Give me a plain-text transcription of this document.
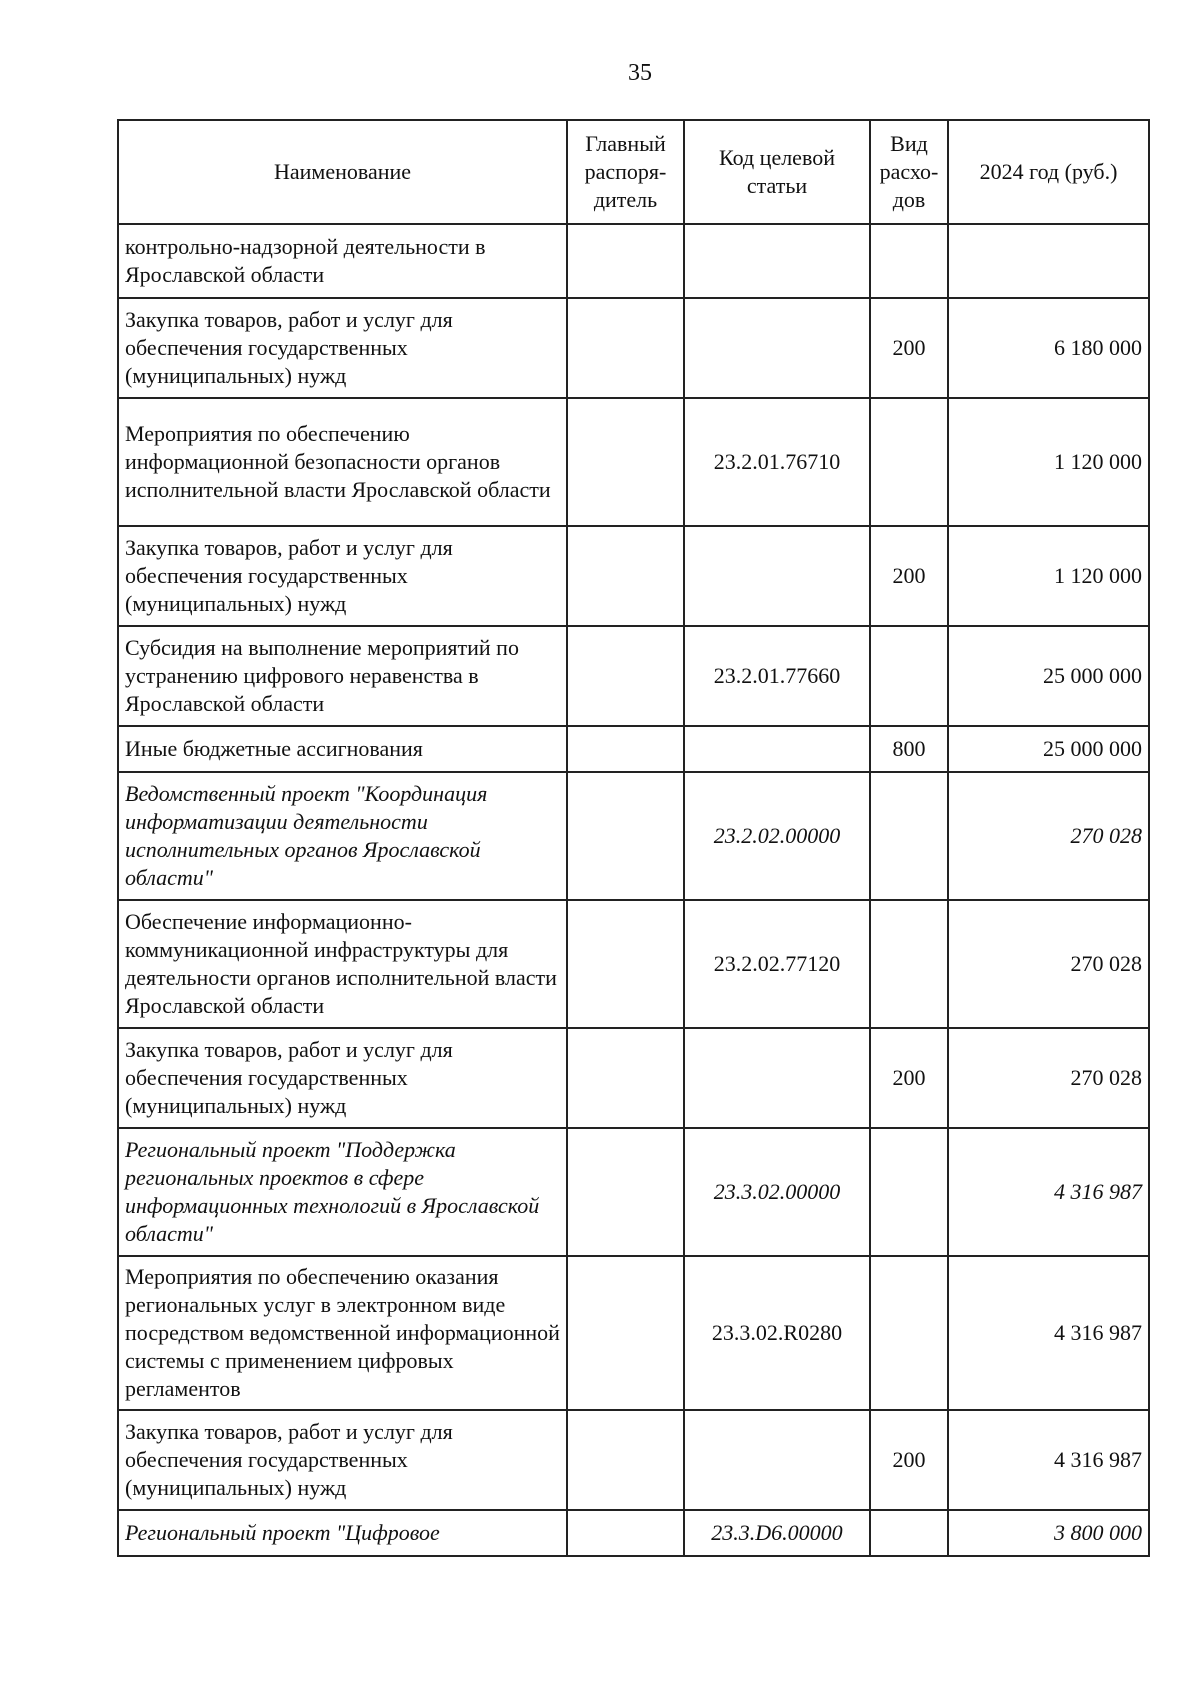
35
Наименование	Главный распоря-дитель	Код целевой статьи	Вид расхо-дов	2024 год (руб.)
контрольно-надзорной деятельности в Ярославской области				
Закупка товаров, работ и услуг для обеспечения государственных (муниципальных) нужд			200	6 180 000
Мероприятия по обеспечению информационной безопасности органов исполнительной власти Ярославской области		23.2.01.76710		1 120 000
Закупка товаров, работ и услуг для обеспечения государственных (муниципальных) нужд			200	1 120 000
Субсидия на выполнение мероприятий по устранению цифрового неравенства в Ярославской области		23.2.01.77660		25 000 000
Иные бюджетные ассигнования			800	25 000 000
Ведомственный проект "Координация информатизации деятельности исполнительных органов Ярославской области"		23.2.02.00000		270 028
Обеспечение информационно-коммуникационной инфраструктуры для деятельности органов исполнительной власти Ярославской области		23.2.02.77120		270 028
Закупка товаров, работ и услуг для обеспечения государственных (муниципальных) нужд			200	270 028
Региональный проект "Поддержка региональных проектов в сфере информационных технологий в Ярославской области"		23.3.02.00000		4 316 987
Мероприятия по обеспечению оказания региональных услуг в электронном виде посредством ведомственной информационной системы с применением цифровых регламентов		23.3.02.R0280		4 316 987
Закупка товаров, работ и услуг для обеспечения государственных (муниципальных) нужд			200	4 316 987
Региональный проект "Цифровое		23.3.D6.00000		3 800 000
